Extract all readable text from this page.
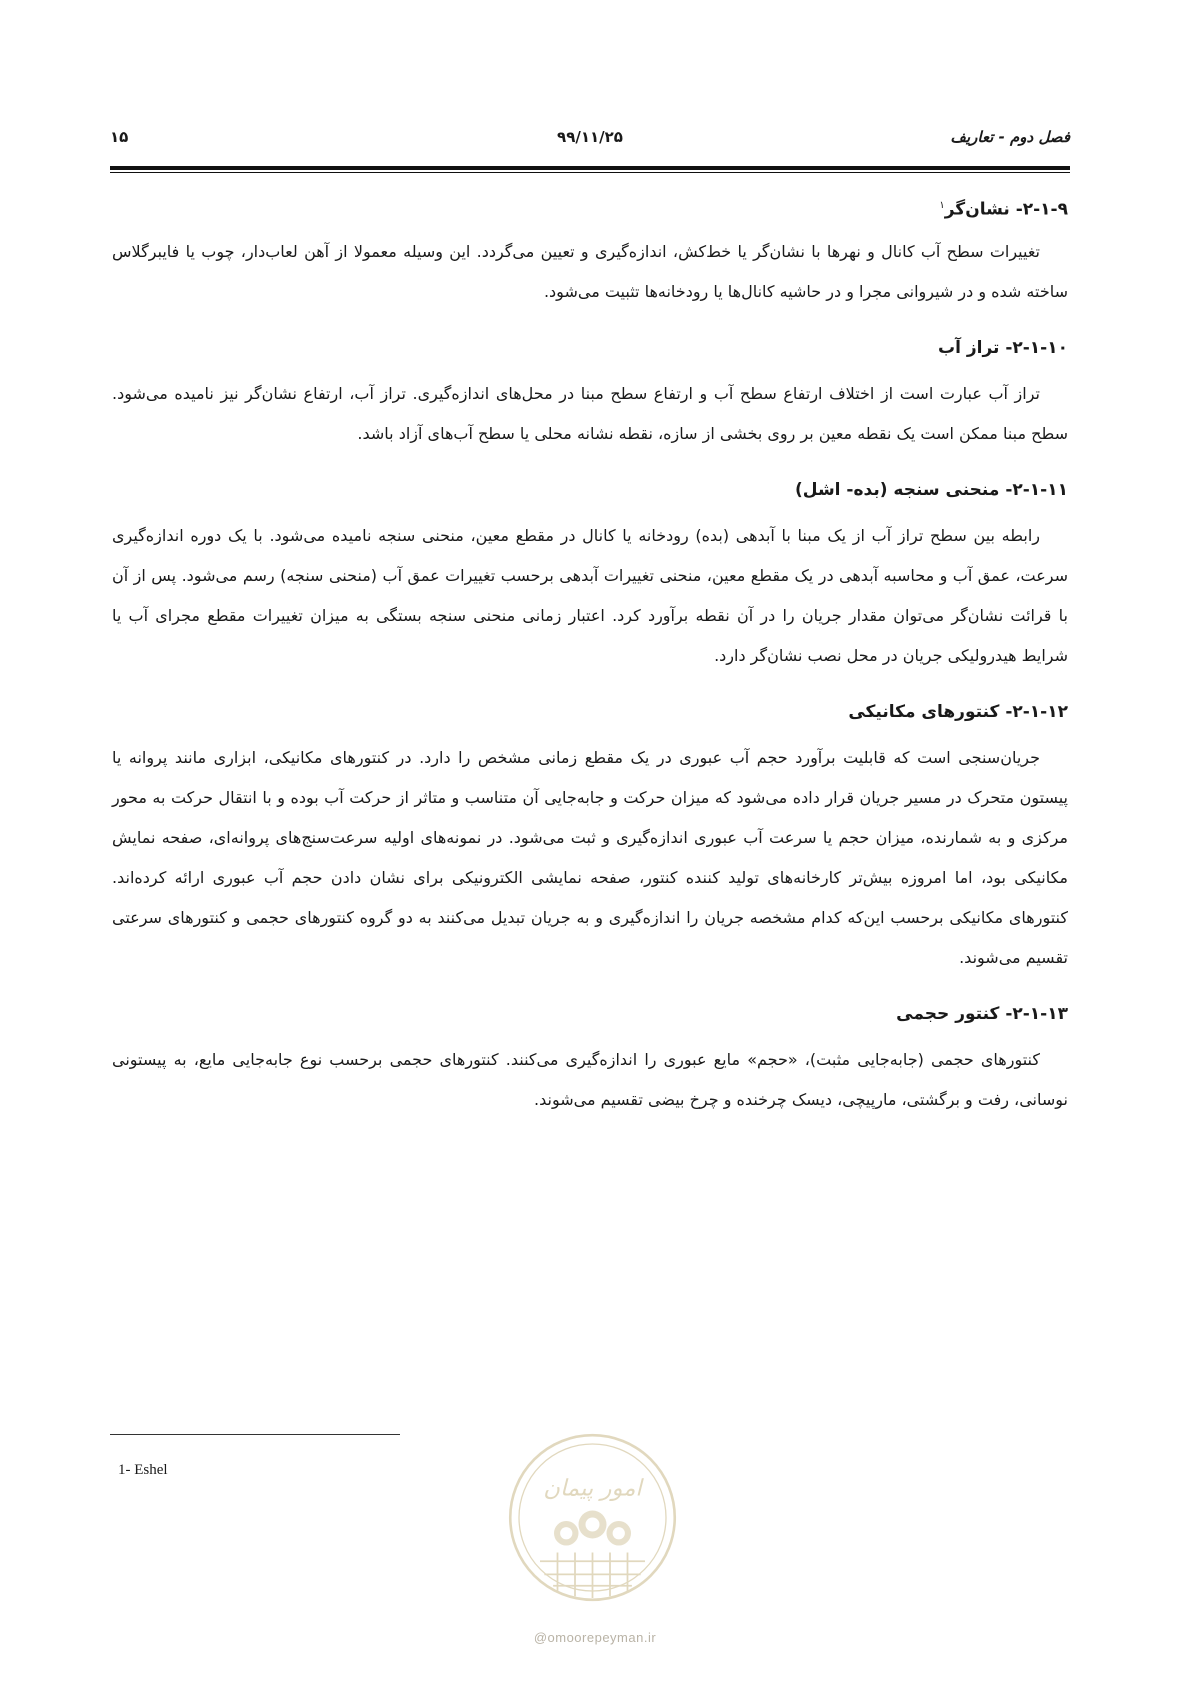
فصل دوم - تعاریف
۹۹/۱۱/۲۵
۱۵
۲-۱-۹- نشان‌گر$^۱$

تغییرات سطح آب کانال و نهرها با نشان‌گر یا خط‌کش، اندازه‌گیری و تعیین می‌گردد. این وسیله معمولا از آهن لعاب‌دار، چوب یا فایبرگلاس ساخته شده و در شیروانی مجرا و در حاشیه کانال‌ها یا رودخانه‌ها تثبیت می‌شود.

۲-۱-۱۰- تراز آب

تراز آب عبارت است از اختلاف ارتفاع سطح آب و ارتفاع سطح مبنا در محل‌های اندازه‌گیری. تراز آب، ارتفاع نشان‌گر نیز نامیده می‌شود. سطح مبنا ممکن است یک نقطه معین بر روی بخشی از سازه، نقطه نشانه محلی یا سطح آب‌های آزاد باشد.

۲-۱-۱۱- منحنی سنجه (بده- اشل)

رابطه بین سطح تراز آب از یک مبنا با آبدهی (بده) رودخانه یا کانال در مقطع معین، منحنی سنجه نامیده می‌شود. با یک دوره اندازه‌گیری سرعت، عمق آب و محاسبه آبدهی در یک مقطع معین، منحنی تغییرات آبدهی برحسب تغییرات عمق آب (منحنی سنجه) رسم می‌شود. پس از آن با قرائت نشان‌گر می‌توان مقدار جریان را در آن نقطه برآورد کرد. اعتبار زمانی منحنی سنجه بستگی به میزان تغییرات مقطع مجرای آب یا شرایط هیدرولیکی جریان در محل نصب نشان‌گر دارد.

۲-۱-۱۲- کنتورهای مکانیکی

جریان‌سنجی است که قابلیت برآورد حجم آب عبوری در یک مقطع زمانی مشخص را دارد. در کنتورهای مکانیکی، ابزاری مانند پروانه یا پیستون متحرک در مسیر جریان قرار داده می‌شود که میزان حرکت و جابه‌جایی آن متناسب و متاثر از حرکت آب بوده و با انتقال حرکت به محور مرکزی و به شمارنده، میزان حجم یا سرعت آب عبوری اندازه‌گیری و ثبت می‌شود. در نمونه‌های اولیه سرعت‌سنج‌های پروانه‌ای، صفحه نمایش مکانیکی بود، اما امروزه بیش‌تر کارخانه‌های تولید کننده کنتور، صفحه نمایشی الکترونیکی برای نشان دادن حجم آب عبوری ارائه کرده‌اند. کنتورهای مکانیکی برحسب این‌که کدام مشخصه جریان را اندازه‌گیری و به جریان تبدیل می‌کنند به دو گروه کنتورهای حجمی و کنتورهای سرعتی تقسیم می‌شوند.

۲-۱-۱۳- کنتور حجمی

کنتورهای حجمی (جابه‌جایی مثبت)، «حجم» مایع عبوری را اندازه‌گیری می‌کنند. کنتورهای حجمی برحسب نوع جابه‌جایی مایع، به پیستونی نوسانی، رفت و برگشتی، مارپیچی، دیسک چرخنده و چرخ بیضی تقسیم می‌شوند.

1- Eshel
امور پیمان
@omoorepeyman.ir
